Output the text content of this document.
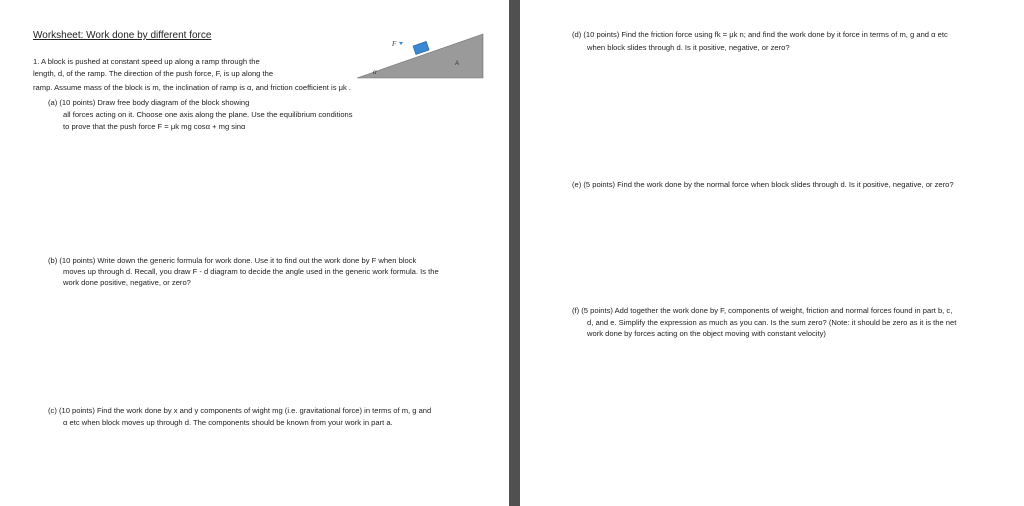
Worksheet: Work done by different force
F
α
A
1. A block is pushed at constant speed up along a ramp through the
length, d, of the ramp. The direction of the push force, F, is up along the
ramp. Assume mass of the block is m, the inclination of ramp is α, and friction coefficient is μk .
(a) (10 points) Draw free body diagram of the block showing
all forces acting on it. Choose one axis along the plane. Use the equilibrium conditions
to prove that the push force F = μk mg cosα + mg sinα
(b) (10 points) Write down the generic formula for work done. Use it to find out the work done by F when block
moves up through d. Recall, you draw F - d diagram to decide the angle used in the generic work formula. Is the
work done positive, negative, or zero?
(c) (10 points) Find the work done by x and y components of wight mg (i.e. gravitational force) in terms of m, g and
α etc when block moves up through d. The components should be known from your work in part a.
(d) (10 points) Find the friction force using fk = μk n; and find the work done by it force in terms of m, g and α etc
when block slides through d. Is it positive, negative, or zero?
(e) (5 points) Find the work done by the normal force when block slides through d. Is it positive, negative, or zero?
(f) (5 points) Add together the work done by F, components of weight, friction and normal forces found in part b, c,
d, and e. Simplify the expression as much as you can. Is the sum zero? (Note: it should be zero as it is the net
work done by forces acting on the object moving with constant velocity)
